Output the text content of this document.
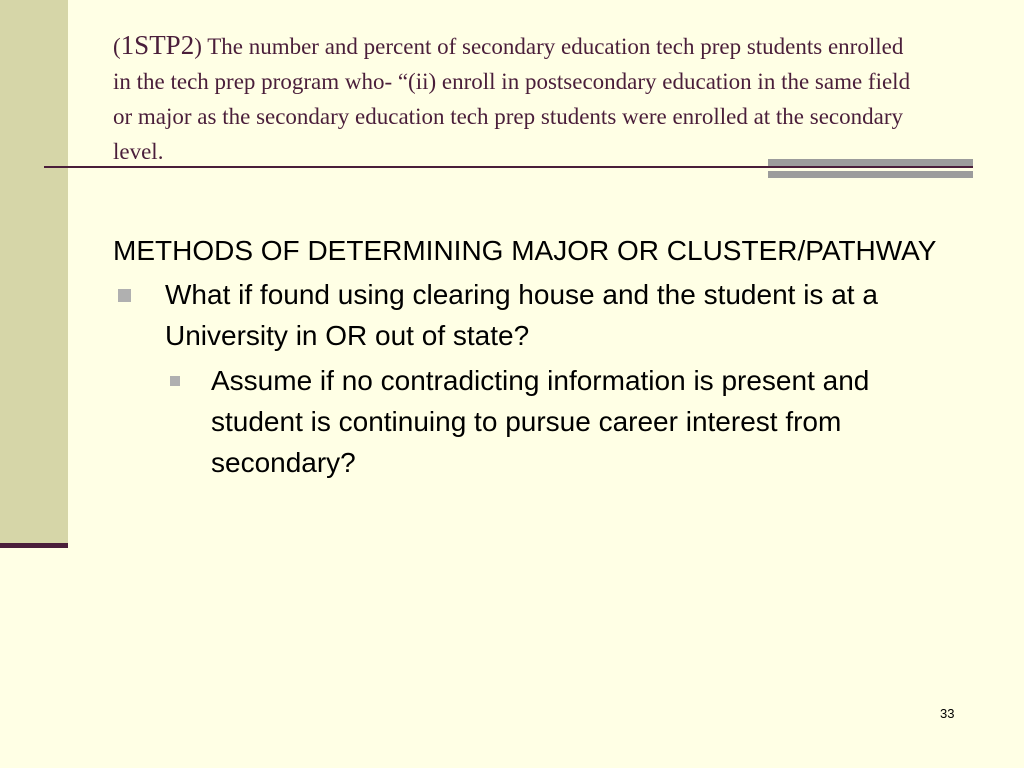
(1STP2) The number and percent of secondary education tech prep students enrolled in the tech prep program who- “(ii) enroll in postsecondary education in the same field or major as the secondary education tech prep students were enrolled at the secondary level.
METHODS OF DETERMINING MAJOR OR CLUSTER/PATHWAY
What if found using clearing house and the student is at a University in OR out of state?
Assume if no contradicting information is present and student is continuing to pursue career interest from secondary?
33
